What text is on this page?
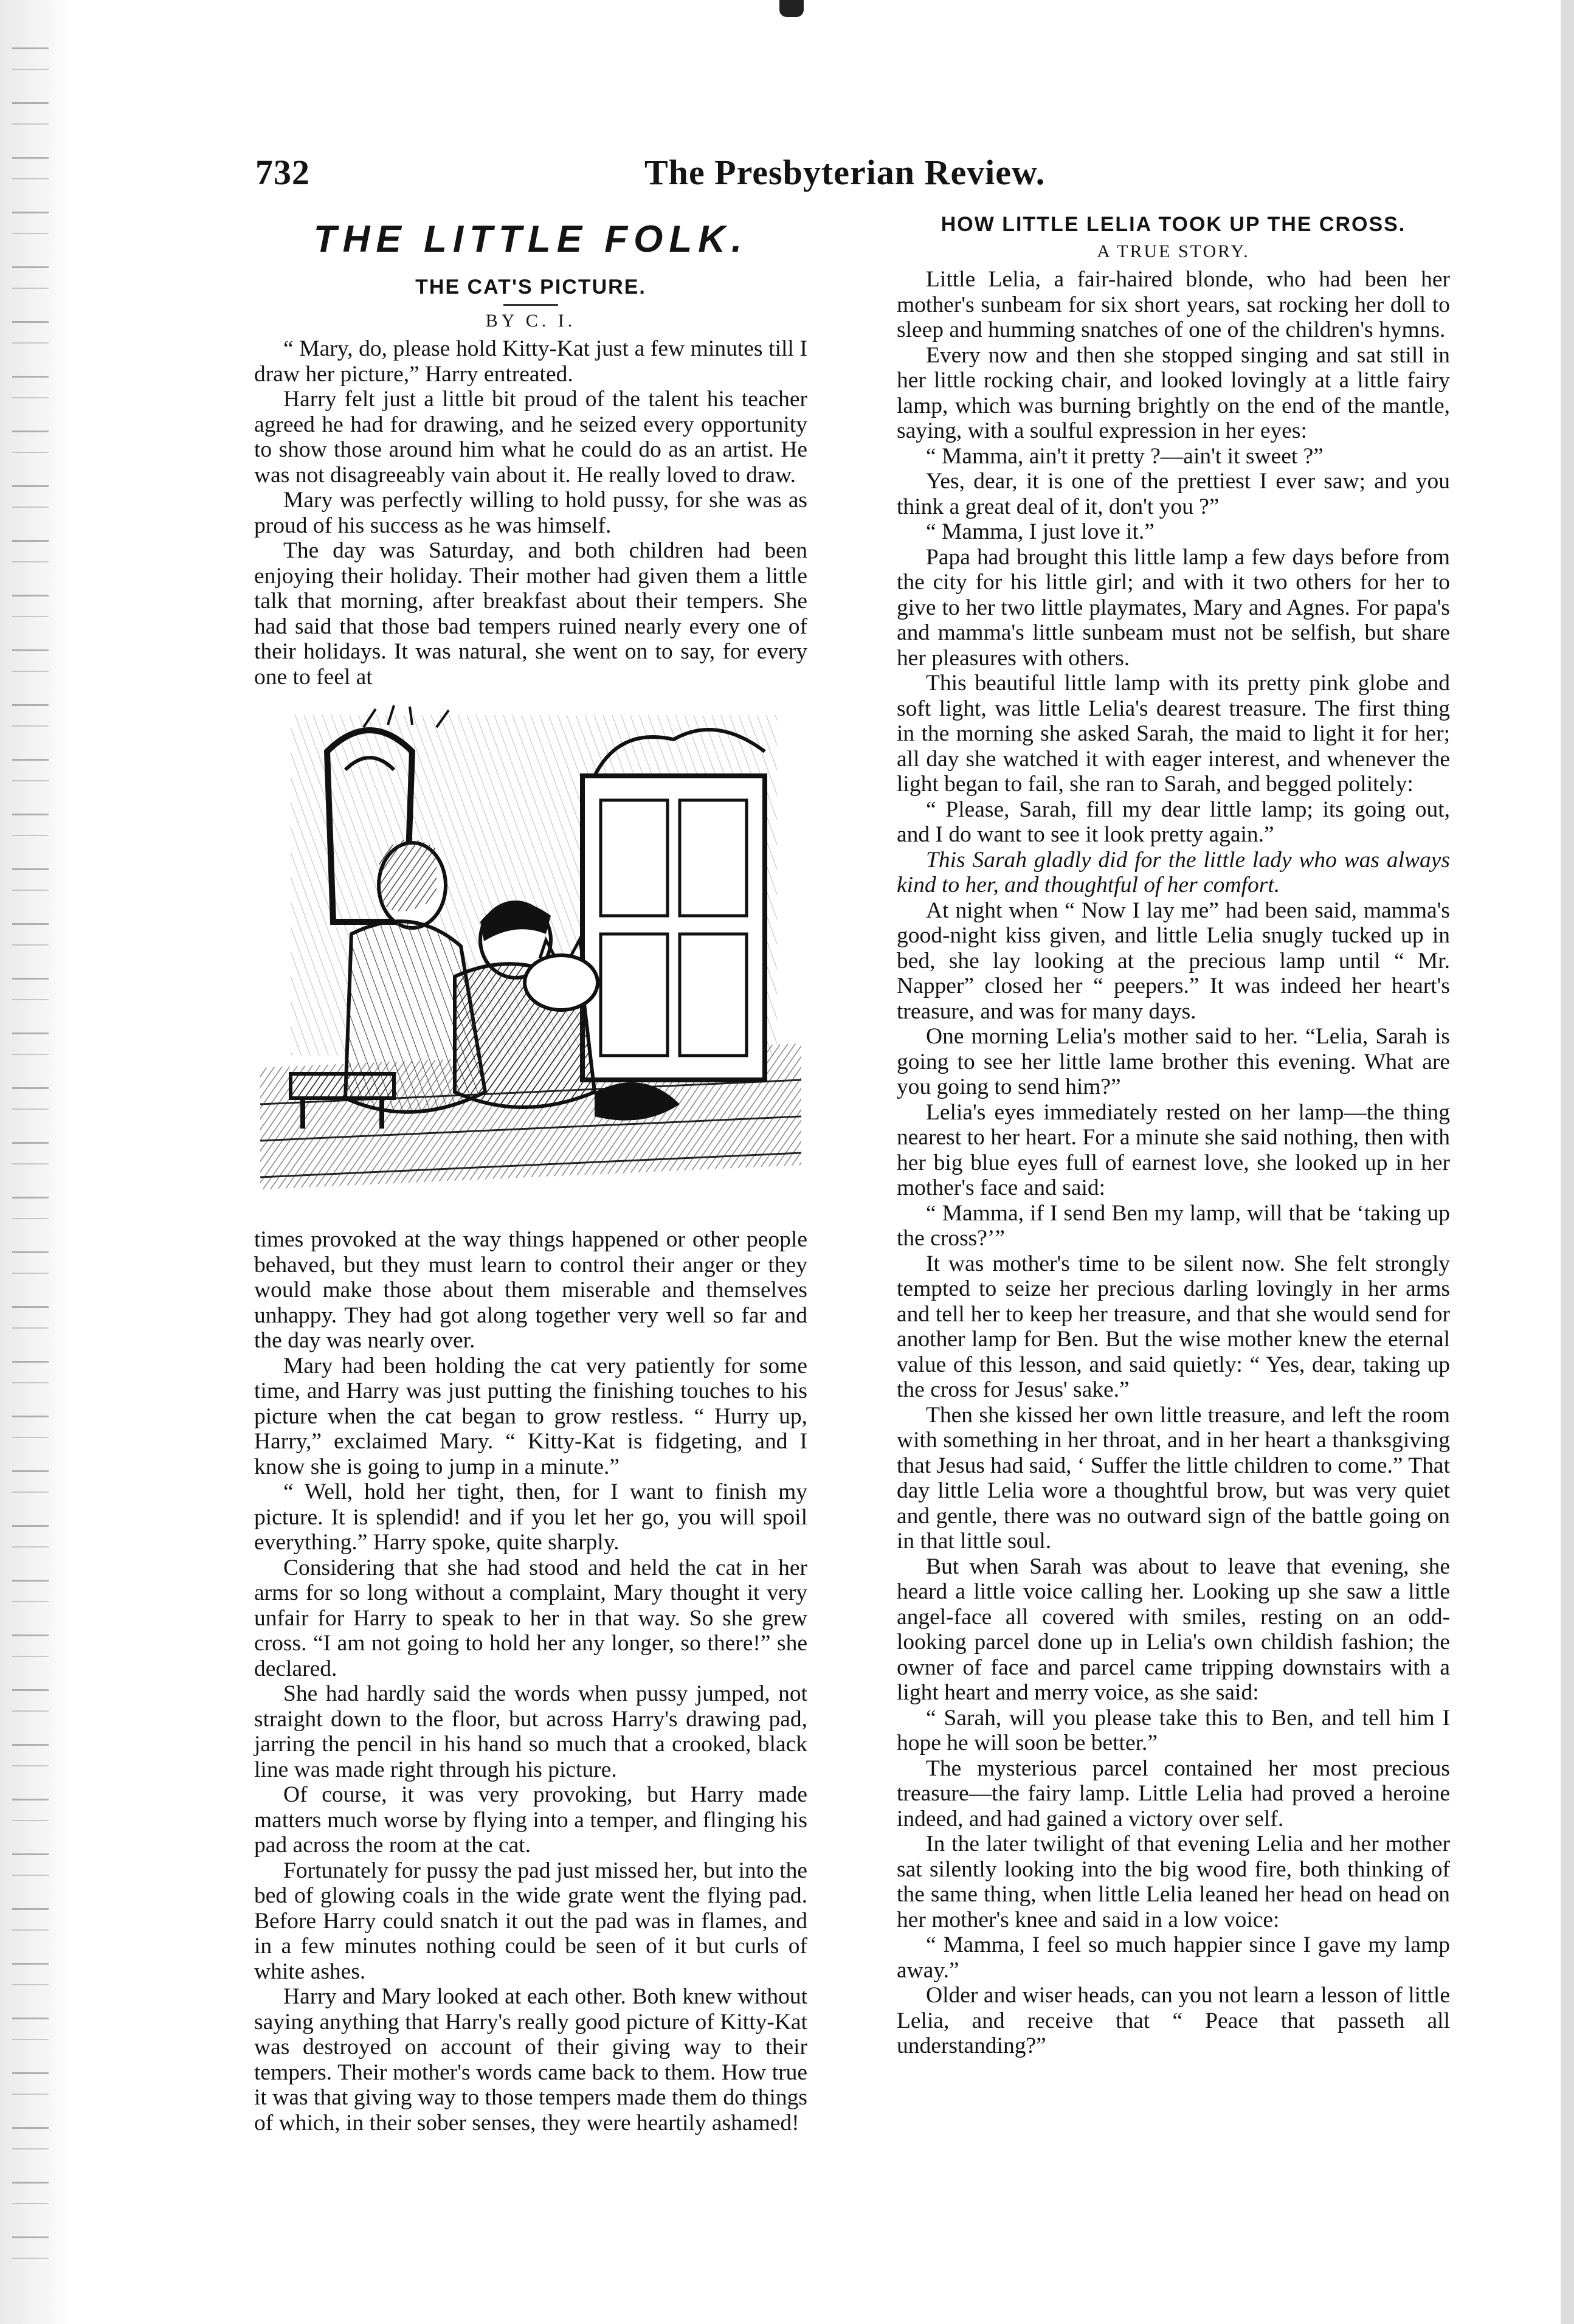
732	The Presbyterian Review.
THE LITTLE FOLK.
THE CAT'S PICTURE.
BY C. I.

“ Mary, do, please hold Kitty-Kat just a few minutes till I draw her picture,” Harry entreated.

Harry felt just a little bit proud of the talent his teacher agreed he had for drawing, and he seized every opportunity to show those around him what he could do as an artist. He was not disagreeably vain about it. He really loved to draw.

Mary was perfectly willing to hold pussy, for she was as proud of his success as he was himself.

The day was Saturday, and both children had been enjoying their holiday. Their mother had given them a little talk that morning, after breakfast about their tempers. She had said that those bad tempers ruined nearly every one of their holidays. It was natural, she went on to say, for every one to feel at

times provoked at the way things happened or other people behaved, but they must learn to control their anger or they would make those about them miserable and themselves unhappy. They had got along together very well so far and the day was nearly over.

Mary had been holding the cat very patiently for some time, and Harry was just putting the finishing touches to his picture when the cat began to grow restless. “ Hurry up, Harry,” exclaimed Mary. “ Kitty-Kat is fidgeting, and I know she is going to jump in a minute.”

“ Well, hold her tight, then, for I want to finish my picture. It is splendid! and if you let her go, you will spoil everything.” Harry spoke, quite sharply.

Considering that she had stood and held the cat in her arms for so long without a complaint, Mary thought it very unfair for Harry to speak to her in that way. So she grew cross. “I am not going to hold her any longer, so there!” she declared.

She had hardly said the words when pussy jumped, not straight down to the floor, but across Harry's drawing pad, jarring the pencil in his hand so much that a crooked, black line was made right through his picture.

Of course, it was very provoking, but Harry made matters much worse by flying into a temper, and flinging his pad across the room at the cat.

Fortunately for pussy the pad just missed her, but into the bed of glowing coals in the wide grate went the flying pad. Before Harry could snatch it out the pad was in flames, and in a few minutes nothing could be seen of it but curls of white ashes.

Harry and Mary looked at each other. Both knew without saying anything that Harry's really good picture of Kitty-Kat was destroyed on account of their giving way to their tempers. Their mother's words came back to them. How true it was that giving way to those tempers made them do things of which, in their sober senses, they were heartily ashamed!

HOW LITTLE LELIA TOOK UP THE CROSS.
A TRUE STORY.

Little Lelia, a fair-haired blonde, who had been her mother's sunbeam for six short years, sat rocking her doll to sleep and humming snatches of one of the children's hymns.

Every now and then she stopped singing and sat still in her little rocking chair, and looked lovingly at a little fairy lamp, which was burning brightly on the end of the mantle, saying, with a soulful expression in her eyes:

“ Mamma, ain't it pretty ?—ain't it sweet ?”

Yes, dear, it is one of the prettiest I ever saw; and you think a great deal of it, don't you ?”

“ Mamma, I just love it.”

Papa had brought this little lamp a few days before from the city for his little girl; and with it two others for her to give to her two little playmates, Mary and Agnes. For papa's and mamma's little sunbeam must not be selfish, but share her pleasures with others.

This beautiful little lamp with its pretty pink globe and soft light, was little Lelia's dearest treasure. The first thing in the morning she asked Sarah, the maid to light it for her; all day she watched it with eager interest, and whenever the light began to fail, she ran to Sarah, and begged politely:

“ Please, Sarah, fill my dear little lamp; its going out, and I do want to see it look pretty again.”

This Sarah gladly did for the little lady who was always kind to her, and thoughtful of her comfort.

At night when “ Now I lay me” had been said, mamma's good-night kiss given, and little Lelia snugly tucked up in bed, she lay looking at the precious lamp until “ Mr. Napper” closed her “ peepers.” It was indeed her heart's treasure, and was for many days.

One morning Lelia's mother said to her. “Lelia, Sarah is going to see her little lame brother this evening. What are you going to send him?”

Lelia's eyes immediately rested on her lamp—the thing nearest to her heart. For a minute she said nothing, then with her big blue eyes full of earnest love, she looked up in her mother's face and said:

“ Mamma, if I send Ben my lamp, will that be ‘taking up the cross?’”

It was mother's time to be silent now. She felt strongly tempted to seize her precious darling lovingly in her arms and tell her to keep her treasure, and that she would send for another lamp for Ben. But the wise mother knew the eternal value of this lesson, and said quietly: “ Yes, dear, taking up the cross for Jesus' sake.”

Then she kissed her own little treasure, and left the room with something in her throat, and in her heart a thanksgiving that Jesus had said, ‘ Suffer the little children to come.” That day little Lelia wore a thoughtful brow, but was very quiet and gentle, there was no outward sign of the battle going on in that little soul.

But when Sarah was about to leave that evening, she heard a little voice calling her. Looking up she saw a little angel-face all covered with smiles, resting on an odd-looking parcel done up in Lelia's own childish fashion; the owner of face and parcel came tripping downstairs with a light heart and merry voice, as she said:

“ Sarah, will you please take this to Ben, and tell him I hope he will soon be better.”

The mysterious parcel contained her most precious treasure—the fairy lamp. Little Lelia had proved a heroine indeed, and had gained a victory over self.

In the later twilight of that evening Lelia and her mother sat silently looking into the big wood fire, both thinking of the same thing, when little Lelia leaned her head on head on her mother's knee and said in a low voice:

“ Mamma, I feel so much happier since I gave my lamp away.”

Older and wiser heads, can you not learn a lesson of little Lelia, and receive that “ Peace that passeth all understanding?”
